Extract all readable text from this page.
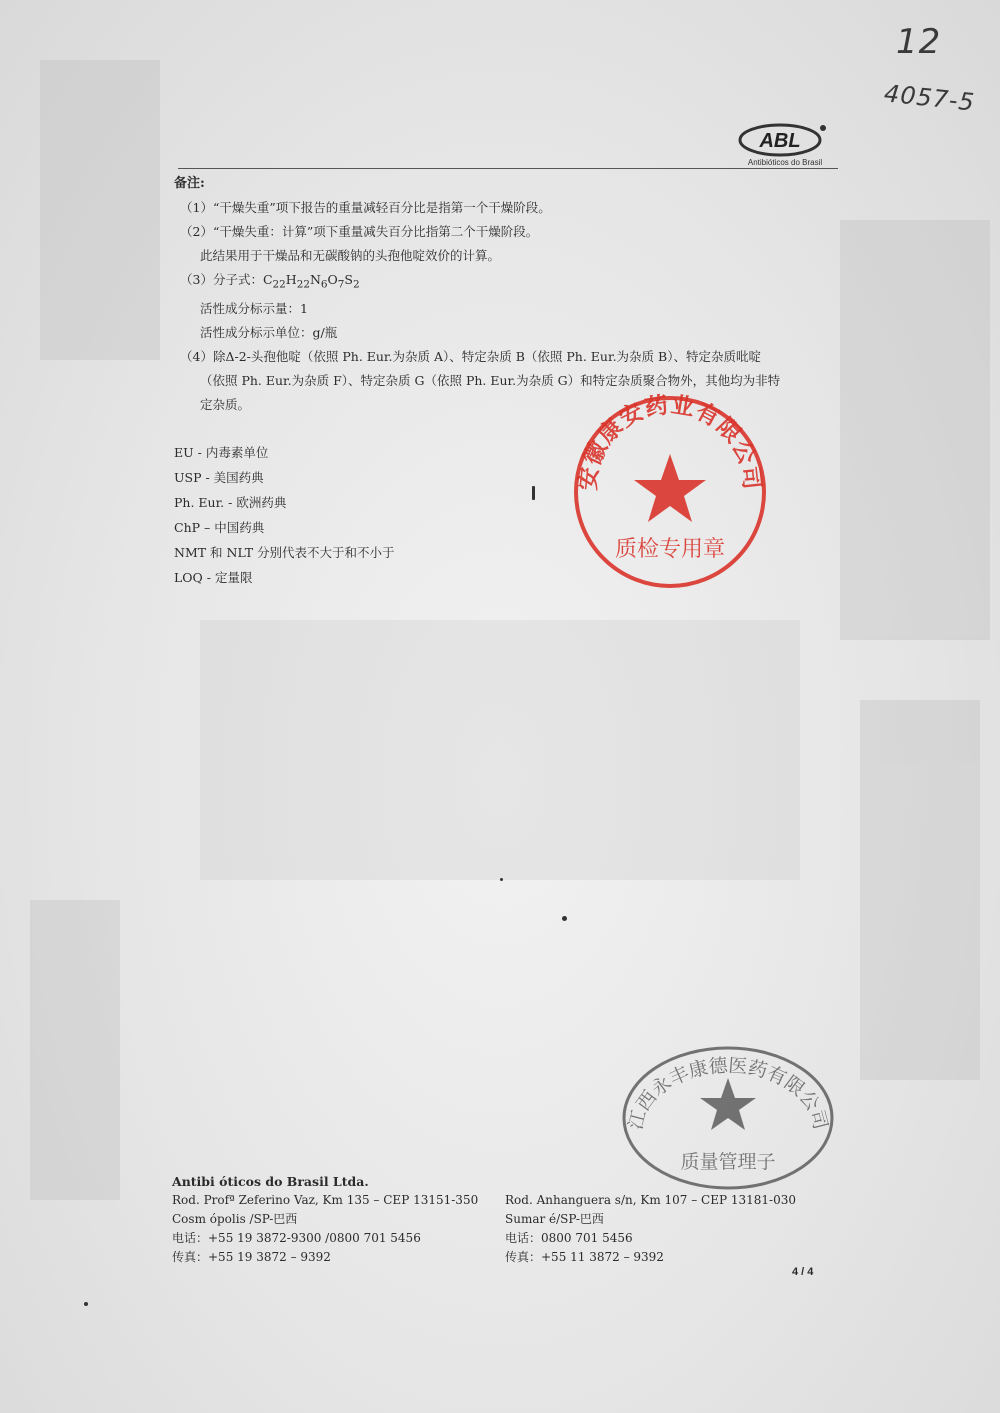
12
4057-5
ABL
Antibióticos do Brasil
备注:
（1）“干燥失重”项下报告的重量减轻百分比是指第一个干燥阶段。
（2）“干燥失重：计算”项下重量减失百分比指第二个干燥阶段。
此结果用于干燥品和无碳酸钠的头孢他啶效价的计算。
（3）分子式：$C_{22}H_{22}N_6O_7S_2$
活性成分标示量：1
活性成分标示单位：g/瓶
（4）除Δ-2-头孢他啶（依照 Ph. Eur.为杂质 A）、特定杂质 B（依照 Ph. Eur.为杂质 B）、特定杂质吡啶
（依照 Ph. Eur.为杂质 F）、特定杂质 G（依照 Ph. Eur.为杂质 G）和特定杂质聚合物外，其他均为非特
定杂质。
EU - 内毒素单位
USP - 美国药典
Ph. Eur. - 欧洲药典
ChP – 中国药典
NMT 和 NLT 分别代表不大于和不小于
LOQ - 定量限
安徽康安药业有限公司
质检专用章
江西永丰康德医药有限公司
质量管理子
Antibi óticos do Brasil Ltda.
Rod. Profª Zeferino Vaz, Km 135 – CEP 13151-350
Cosm ópolis /SP-巴西
电话：+55 19 3872-9300 /0800 701 5456
传真：+55 19 3872 – 9392
Rod. Anhanguera s/n, Km 107 – CEP 13181-030
Sumar é/SP-巴西
电话：0800 701 5456
传真：+55 11 3872 – 9392
4 / 4
